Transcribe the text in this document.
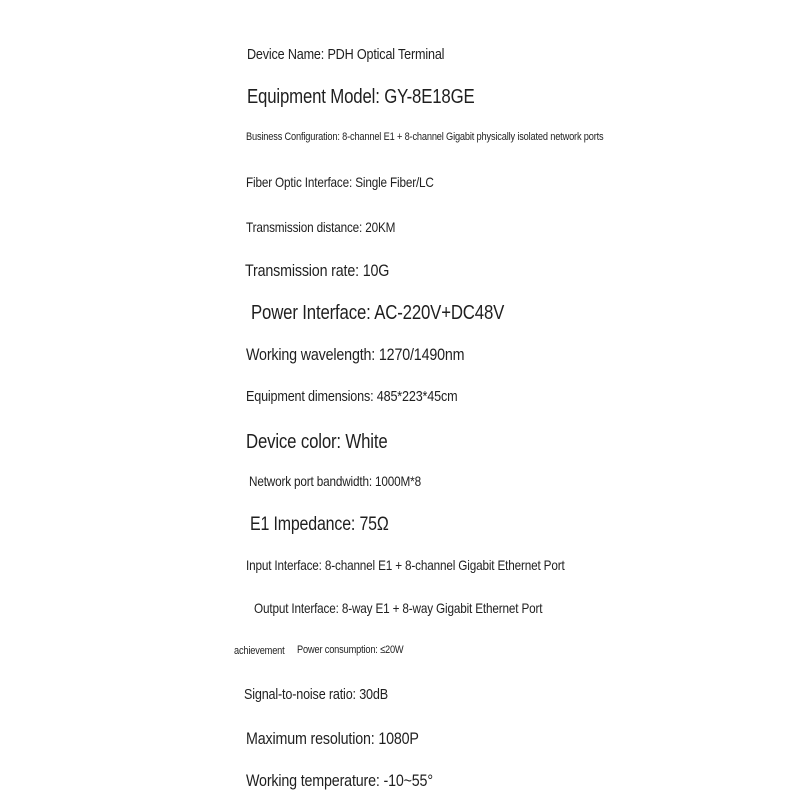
Device Name: PDH Optical Terminal
Equipment Model: GY-8E18GE
Business Configuration: 8-channel E1 + 8-channel Gigabit physically isolated network ports
Fiber Optic Interface: Single Fiber/LC
Transmission distance: 20KM
Transmission rate: 10G
Power Interface: AC-220V+DC48V
Working wavelength: 1270/1490nm
Equipment dimensions: 485*223*45cm
Device color: White
Network port bandwidth: 1000M*8
E1 Impedance: 75Ω
Input Interface: 8-channel E1 + 8-channel Gigabit Ethernet Port
Output Interface: 8-way E1 + 8-way Gigabit Ethernet Port
achievement Power consumption: ≤20W
Signal-to-noise ratio: 30dB
Maximum resolution: 1080P
Working temperature: -10~55°
